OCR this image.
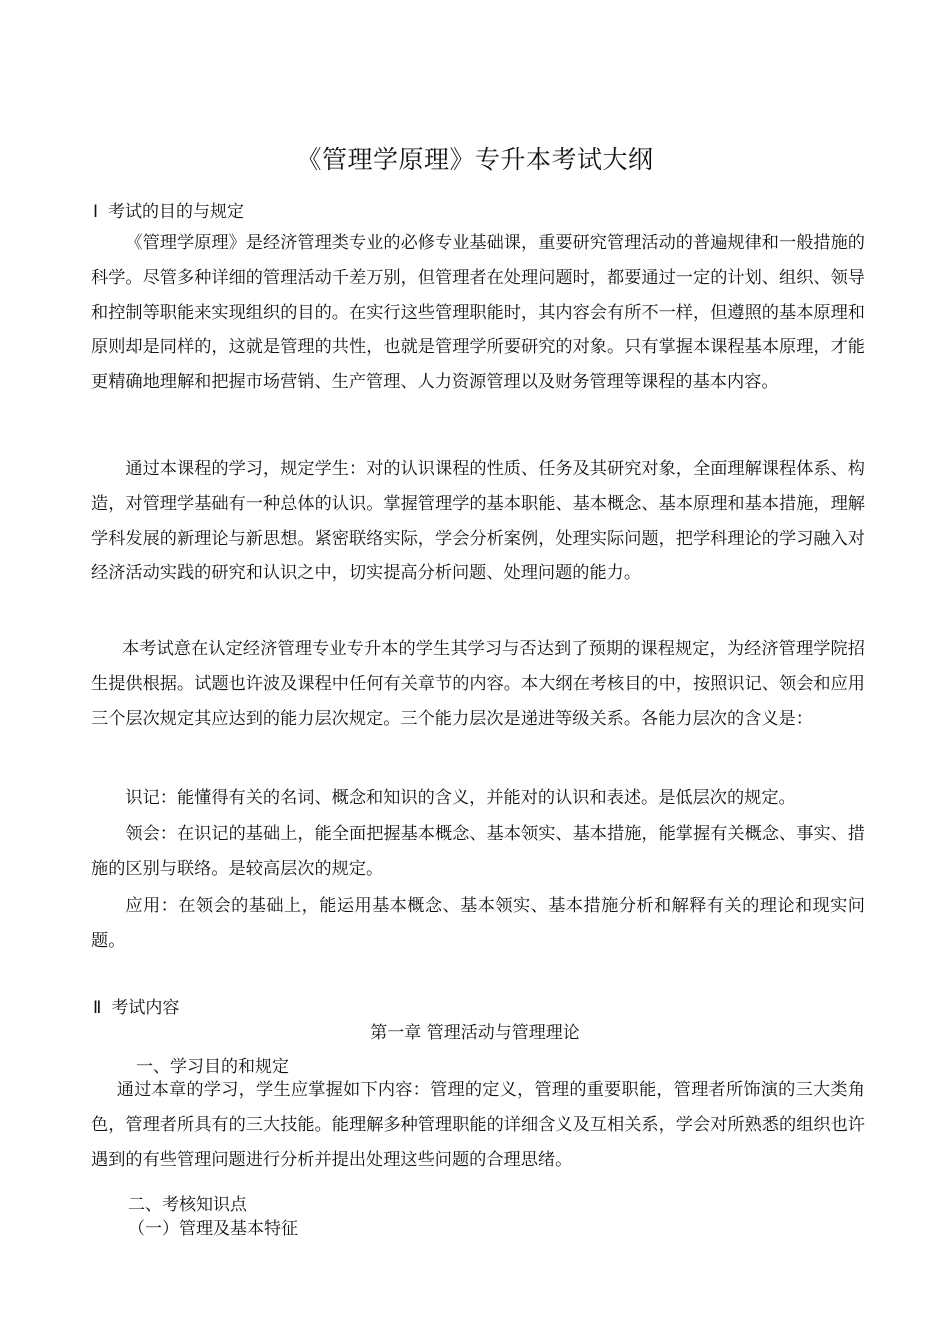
《管理学原理》专升本考试大纲
Ⅰ 考试的目的与规定

《管理学原理》是经济管理类专业的必修专业基础课，重要研究管理活动的普遍规律和一般措施的科学。尽管多种详细的管理活动千差万别，但管理者在处理问题时，都要通过一定的计划、组织、领导和控制等职能来实现组织的目的。在实行这些管理职能时，其内容会有所不一样，但遵照的基本原理和原则却是同样的，这就是管理的共性，也就是管理学所要研究的对象。只有掌握本课程基本原理，才能更精确地理解和把握市场营销、生产管理、人力资源管理以及财务管理等课程的基本内容。

通过本课程的学习，规定学生：对的认识课程的性质、任务及其研究对象，全面理解课程体系、构造，对管理学基础有一种总体的认识。掌握管理学的基本职能、基本概念、基本原理和基本措施，理解学科发展的新理论与新思想。紧密联络实际，学会分析案例，处理实际问题，把学科理论的学习融入对经济活动实践的研究和认识之中，切实提高分析问题、处理问题的能力。

本考试意在认定经济管理专业专升本的学生其学习与否达到了预期的课程规定，为经济管理学院招生提供根据。试题也许波及课程中任何有关章节的内容。本大纲在考核目的中，按照识记、领会和应用三个层次规定其应达到的能力层次规定。三个能力层次是递进等级关系。各能力层次的含义是：

识记：能懂得有关的名词、概念和知识的含义，并能对的认识和表述。是低层次的规定。

领会：在识记的基础上，能全面把握基本概念、基本领实、基本措施，能掌握有关概念、事实、措施的区别与联络。是较高层次的规定。

应用：在领会的基础上，能运用基本概念、基本领实、基本措施分析和解释有关的理论和现实问题。

Ⅱ 考试内容
第一章 管理活动与管理理论
一、学习目的和规定

通过本章的学习，学生应掌握如下内容：管理的定义，管理的重要职能，管理者所饰演的三大类角色，管理者所具有的三大技能。能理解多种管理职能的详细含义及互相关系，学会对所熟悉的组织也许遇到的有些管理问题进行分析并提出处理这些问题的合理思绪。

二、考核知识点
（一）管理及基本特征
